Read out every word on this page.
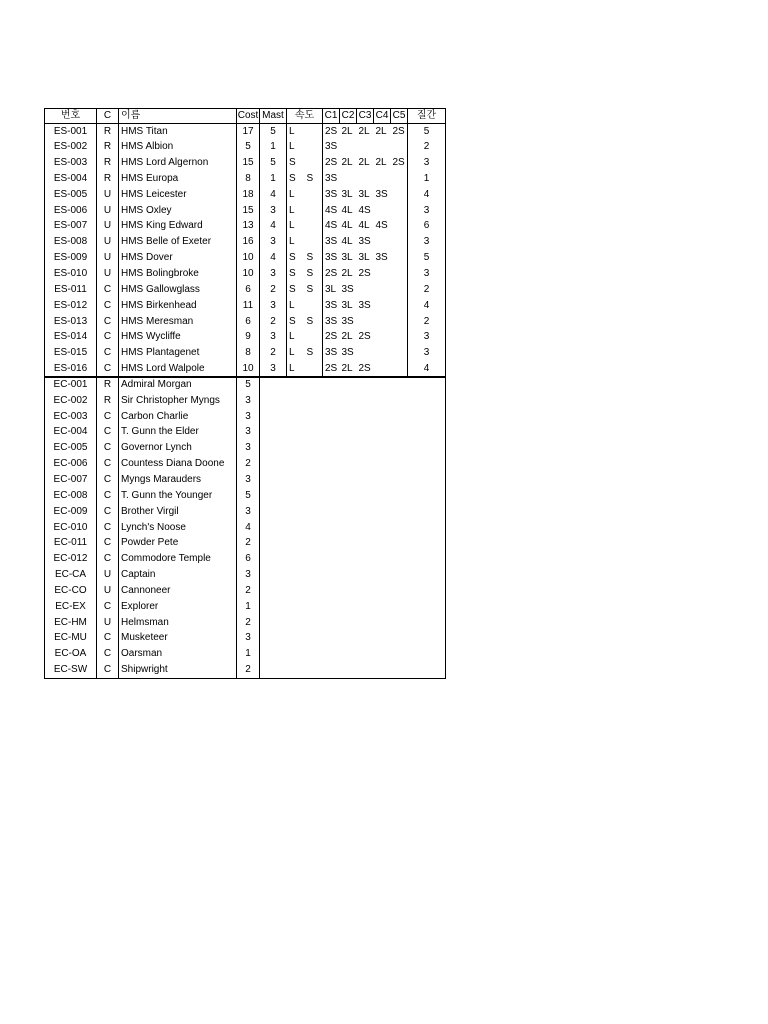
번호	C	이름	Cost	Mast	속도		C1	C2	C3	C4	C5	질간
ES-001	R	HMS Titan	17	5	L		2S	2L	2L	2L	2S	5
ES-002	R	HMS Albion	5	1	L		3S					2
ES-003	R	HMS Lord Algernon	15	5	S		2S	2L	2L	2L	2S	3
ES-004	R	HMS Europa	8	1	S	S	3S					1
ES-005	U	HMS Leicester	18	4	L		3S	3L	3L	3S		4
ES-006	U	HMS Oxley	15	3	L		4S	4L	4S			3
ES-007	U	HMS King Edward	13	4	L		4S	4L	4L	4S		6
ES-008	U	HMS Belle of Exeter	16	3	L		3S	4L	3S			3
ES-009	U	HMS Dover	10	4	S	S	3S	3L	3L	3S		5
ES-010	U	HMS Bolingbroke	10	3	S	S	2S	2L	2S			3
ES-011	C	HMS Gallowglass	6	2	S	S	3L	3S				2
ES-012	C	HMS Birkenhead	11	3	L		3S	3L	3S			4
ES-013	C	HMS Meresman	6	2	S	S	3S	3S				2
ES-014	C	HMS Wycliffe	9	3	L		2S	2L	2S			3
ES-015	C	HMS Plantagenet	8	2	L	S	3S	3S				3
ES-016	C	HMS Lord Walpole	10	3	L		2S	2L	2S			4
EC-001	R	Admiral Morgan	5									
EC-002	R	Sir Christopher Myngs	3									
EC-003	C	Carbon Charlie	3									
EC-004	C	T. Gunn the Elder	3									
EC-005	C	Governor Lynch	3									
EC-006	C	Countess Diana Doone	2									
EC-007	C	Myngs Marauders	3									
EC-008	C	T. Gunn the Younger	5									
EC-009	C	Brother Virgil	3									
EC-010	C	Lynch's Noose	4									
EC-011	C	Powder Pete	2									
EC-012	C	Commodore Temple	6									
EC-CA	U	Captain	3									
EC-CO	U	Cannoneer	2									
EC-EX	C	Explorer	1									
EC-HM	U	Helmsman	2									
EC-MU	C	Musketeer	3									
EC-OA	C	Oarsman	1									
EC-SW	C	Shipwright	2									
